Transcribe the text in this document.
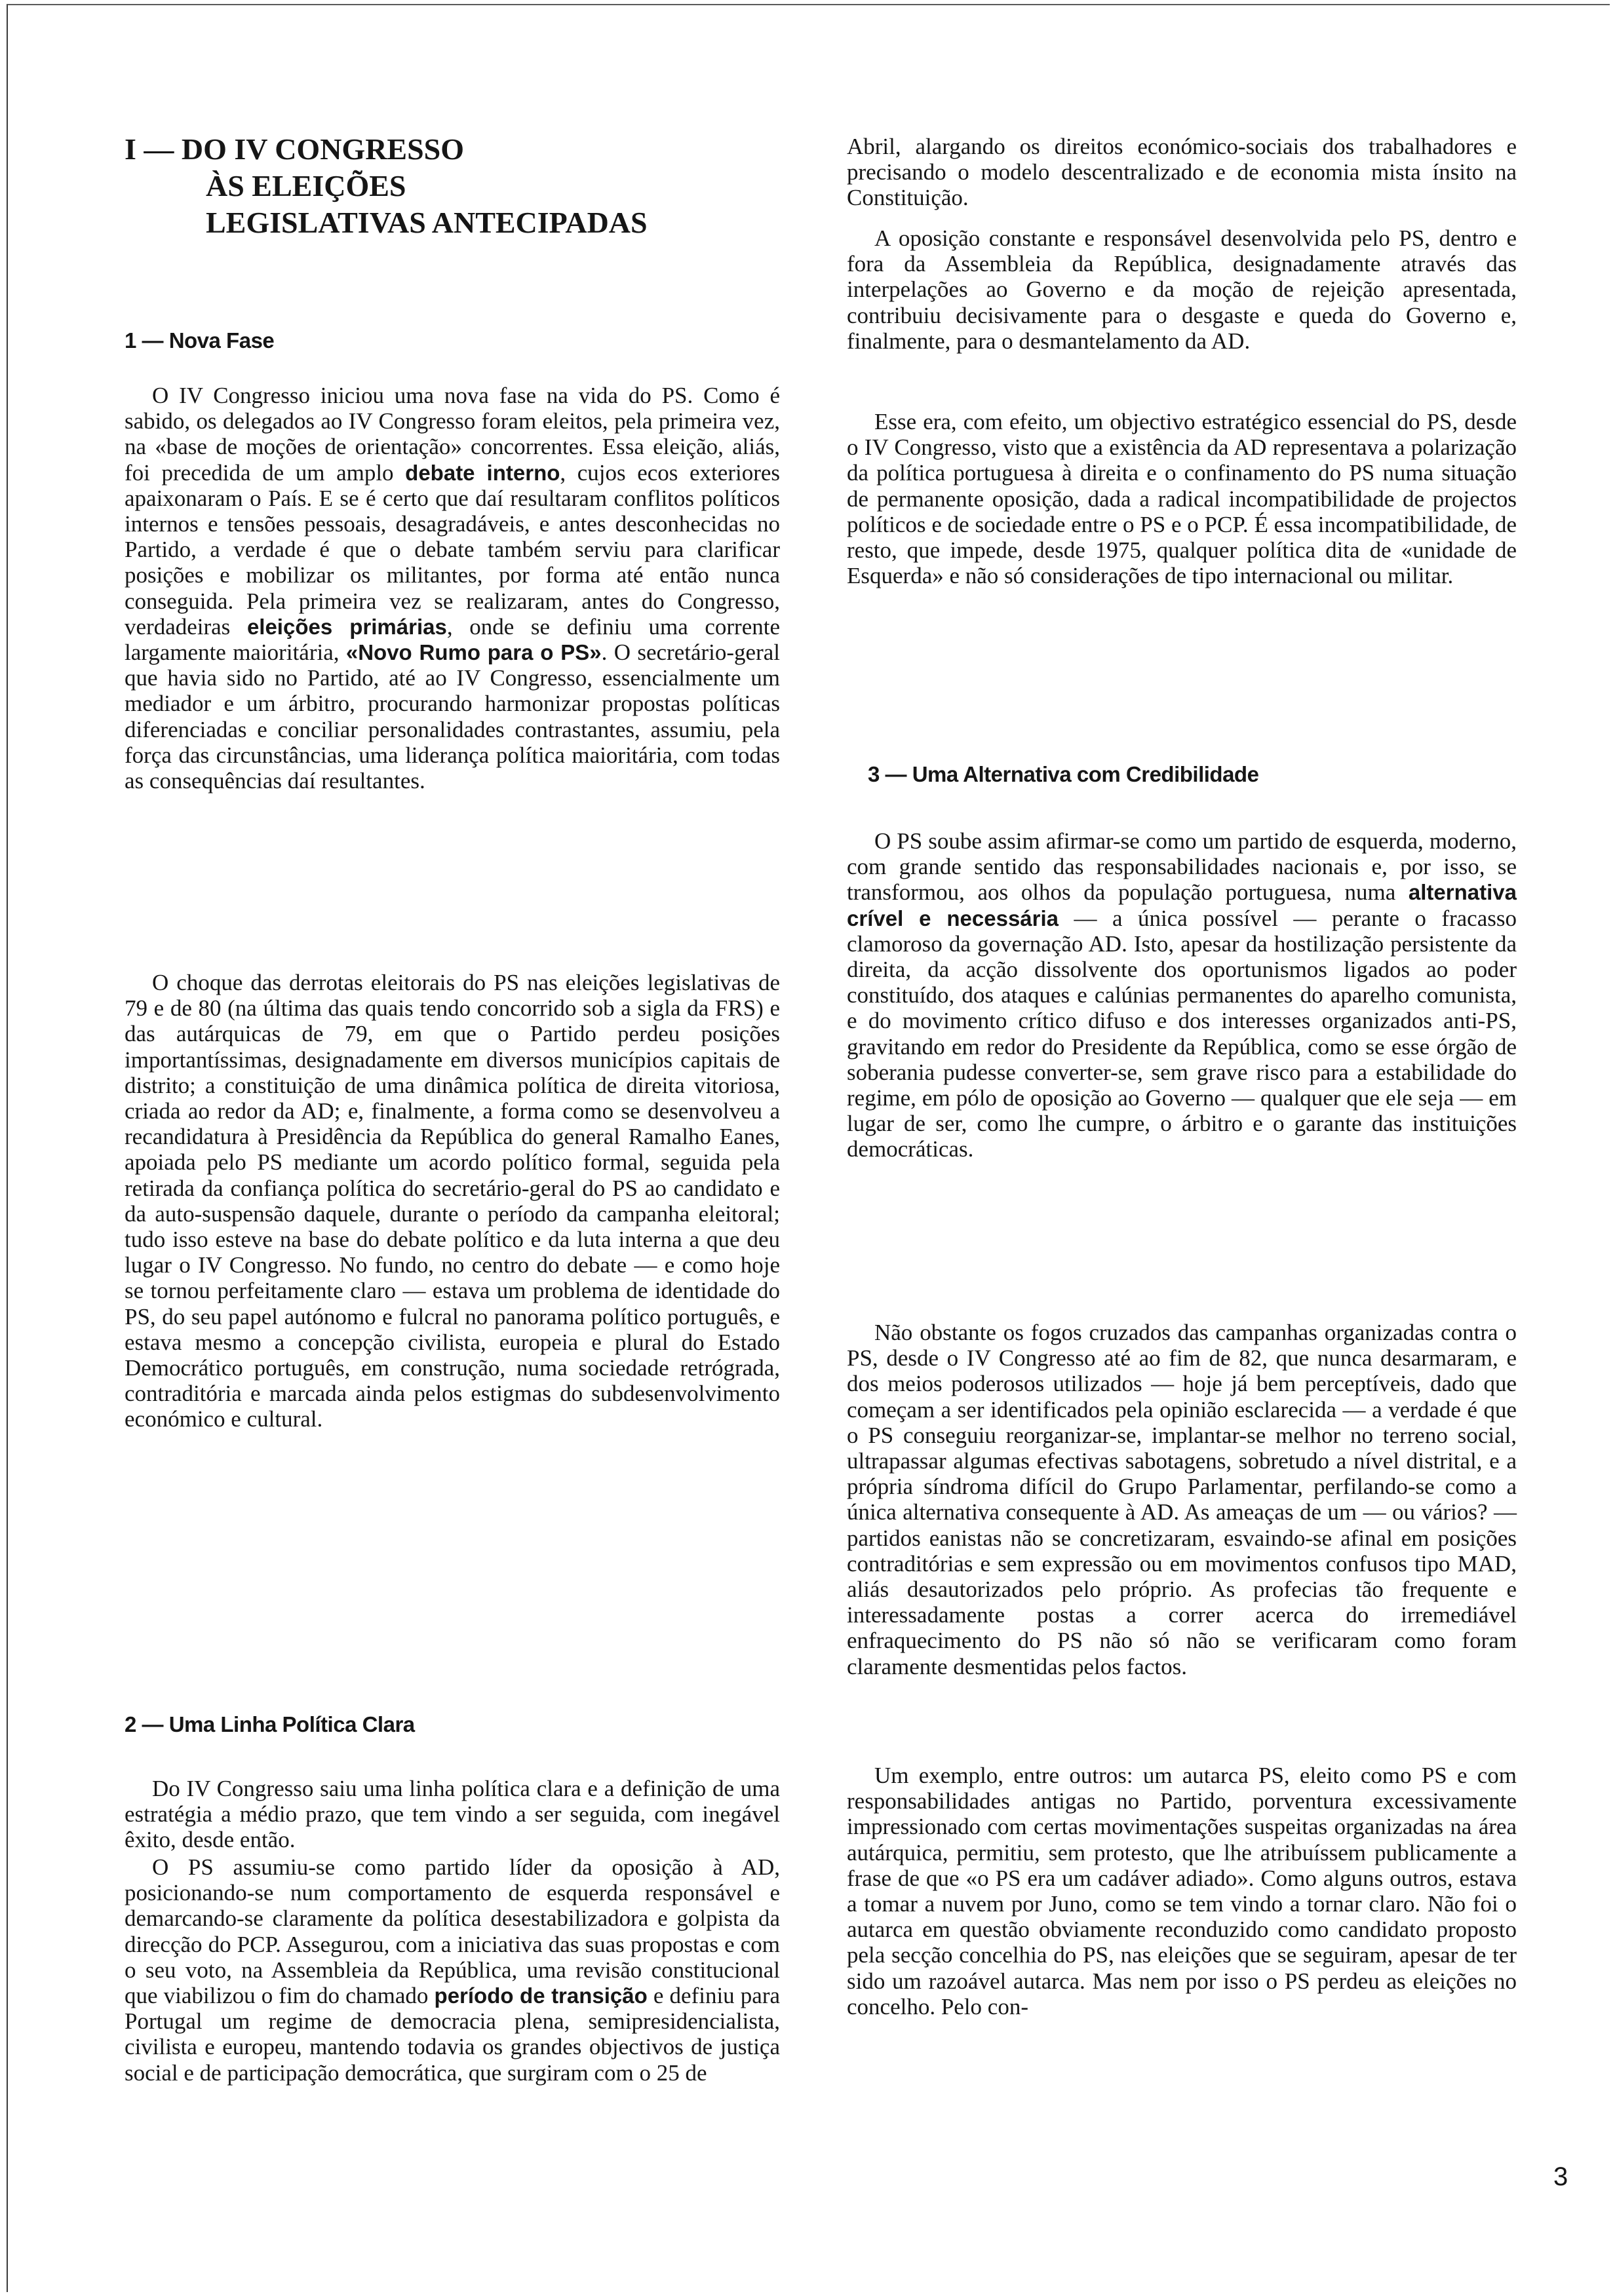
I — DO IV CONGRESSO
ÀS ELEIÇÕES
LEGISLATIVAS ANTECIPADAS
1 — Nova Fase

O IV Congresso iniciou uma nova fase na vida do PS. Como é sabido, os delegados ao IV Congresso foram eleitos, pela primeira vez, na «base de moções de orientação» concorrentes. Essa eleição, aliás, foi precedida de um amplo debate interno, cujos ecos exteriores apaixonaram o País. E se é certo que daí resultaram conflitos políticos internos e tensões pessoais, desagradáveis, e antes desconhecidas no Partido, a verdade é que o debate também serviu para clarificar posições e mobilizar os militantes, por forma até então nunca conseguida. Pela primeira vez se realizaram, antes do Congresso, verdadeiras eleições primárias, onde se definiu uma corrente largamente maioritária, «Novo Rumo para o PS». O secretário-geral que havia sido no Partido, até ao IV Congresso, essencialmente um mediador e um árbitro, procurando harmonizar propostas políticas diferenciadas e conciliar personalidades contrastantes, assumiu, pela força das circunstâncias, uma liderança política maioritária, com todas as consequências daí resultantes.

O choque das derrotas eleitorais do PS nas eleições legislativas de 79 e de 80 (na última das quais tendo concorrido sob a sigla da FRS) e das autárquicas de 79, em que o Partido perdeu posições importantíssimas, designadamente em diversos municípios capitais de distrito; a constituição de uma dinâmica política de direita vitoriosa, criada ao redor da AD; e, finalmente, a forma como se desenvolveu a recandidatura à Presidência da República do general Ramalho Eanes, apoiada pelo PS mediante um acordo político formal, seguida pela retirada da confiança política do secretário-geral do PS ao candidato e da auto-suspensão daquele, durante o período da campanha eleitoral; tudo isso esteve na base do debate político e da luta interna a que deu lugar o IV Congresso. No fundo, no centro do debate — e como hoje se tornou perfeitamente claro — estava um problema de identidade do PS, do seu papel autónomo e fulcral no panorama político português, e estava mesmo a concepção civilista, europeia e plural do Estado Democrático português, em construção, numa sociedade retrógrada, contraditória e marcada ainda pelos estigmas do subdesenvolvimento económico e cultural.

2 — Uma Linha Política Clara

Do IV Congresso saiu uma linha política clara e a definição de uma estratégia a médio prazo, que tem vindo a ser seguida, com inegável êxito, desde então.

O PS assumiu-se como partido líder da oposição à AD, posicionando-se num comportamento de esquerda responsável e demarcando-se claramente da política desestabilizadora e golpista da direcção do PCP. Assegurou, com a iniciativa das suas propostas e com o seu voto, na Assembleia da República, uma revisão constitucional que viabilizou o fim do chamado período de transição e definiu para Portugal um regime de democracia plena, semipresidencialista, civilista e europeu, mantendo todavia os grandes objectivos de justiça social e de participação democrática, que surgiram com o 25 de

Abril, alargando os direitos económico-sociais dos trabalhadores e precisando o modelo descentralizado e de economia mista ínsito na Constituição.

A oposição constante e responsável desenvolvida pelo PS, dentro e fora da Assembleia da República, designadamente através das interpelações ao Governo e da moção de rejeição apresentada, contribuiu decisivamente para o desgaste e queda do Governo e, finalmente, para o desmantelamento da AD.

Esse era, com efeito, um objectivo estratégico essencial do PS, desde o IV Congresso, visto que a existência da AD representava a polarização da política portuguesa à direita e o confinamento do PS numa situação de permanente oposição, dada a radical incompatibilidade de projectos políticos e de sociedade entre o PS e o PCP. É essa incompatibilidade, de resto, que impede, desde 1975, qualquer política dita de «unidade de Esquerda» e não só considerações de tipo internacional ou militar.

3 — Uma Alternativa com Credibilidade

O PS soube assim afirmar-se como um partido de esquerda, moderno, com grande sentido das responsabilidades nacionais e, por isso, se transformou, aos olhos da população portuguesa, numa alternativa crível e necessária — a única possível — perante o fracasso clamoroso da governação AD. Isto, apesar da hostilização persistente da direita, da acção dissolvente dos oportunismos ligados ao poder constituído, dos ataques e calúnias permanentes do aparelho comunista, e do movimento crítico difuso e dos interesses organizados anti-PS, gravitando em redor do Presidente da República, como se esse órgão de soberania pudesse converter-se, sem grave risco para a estabilidade do regime, em pólo de oposição ao Governo — qualquer que ele seja — em lugar de ser, como lhe cumpre, o árbitro e o garante das instituições democráticas.

Não obstante os fogos cruzados das campanhas organizadas contra o PS, desde o IV Congresso até ao fim de 82, que nunca desarmaram, e dos meios poderosos utilizados — hoje já bem perceptíveis, dado que começam a ser identificados pela opinião esclarecida — a verdade é que o PS conseguiu reorganizar-se, implantar-se melhor no terreno social, ultrapassar algumas efectivas sabotagens, sobretudo a nível distrital, e a própria síndroma difícil do Grupo Parlamentar, perfilando-se como a única alternativa consequente à AD. As ameaças de um — ou vários? — partidos eanistas não se concretizaram, esvaindo-se afinal em posições contraditórias e sem expressão ou em movimentos confusos tipo MAD, aliás desautorizados pelo próprio. As profecias tão frequente e interessadamente postas a correr acerca do irremediável enfraquecimento do PS não só não se verificaram como foram claramente desmentidas pelos factos.

Um exemplo, entre outros: um autarca PS, eleito como PS e com responsabilidades antigas no Partido, porventura excessivamente impressionado com certas movimentações suspeitas organizadas na área autárquica, permitiu, sem protesto, que lhe atribuíssem publicamente a frase de que «o PS era um cadáver adiado». Como alguns outros, estava a tomar a nuvem por Juno, como se tem vindo a tornar claro. Não foi o autarca em questão obviamente reconduzido como candidato proposto pela secção concelhia do PS, nas eleições que se seguiram, apesar de ter sido um razoável autarca. Mas nem por isso o PS perdeu as eleições no concelho. Pelo con-

3
